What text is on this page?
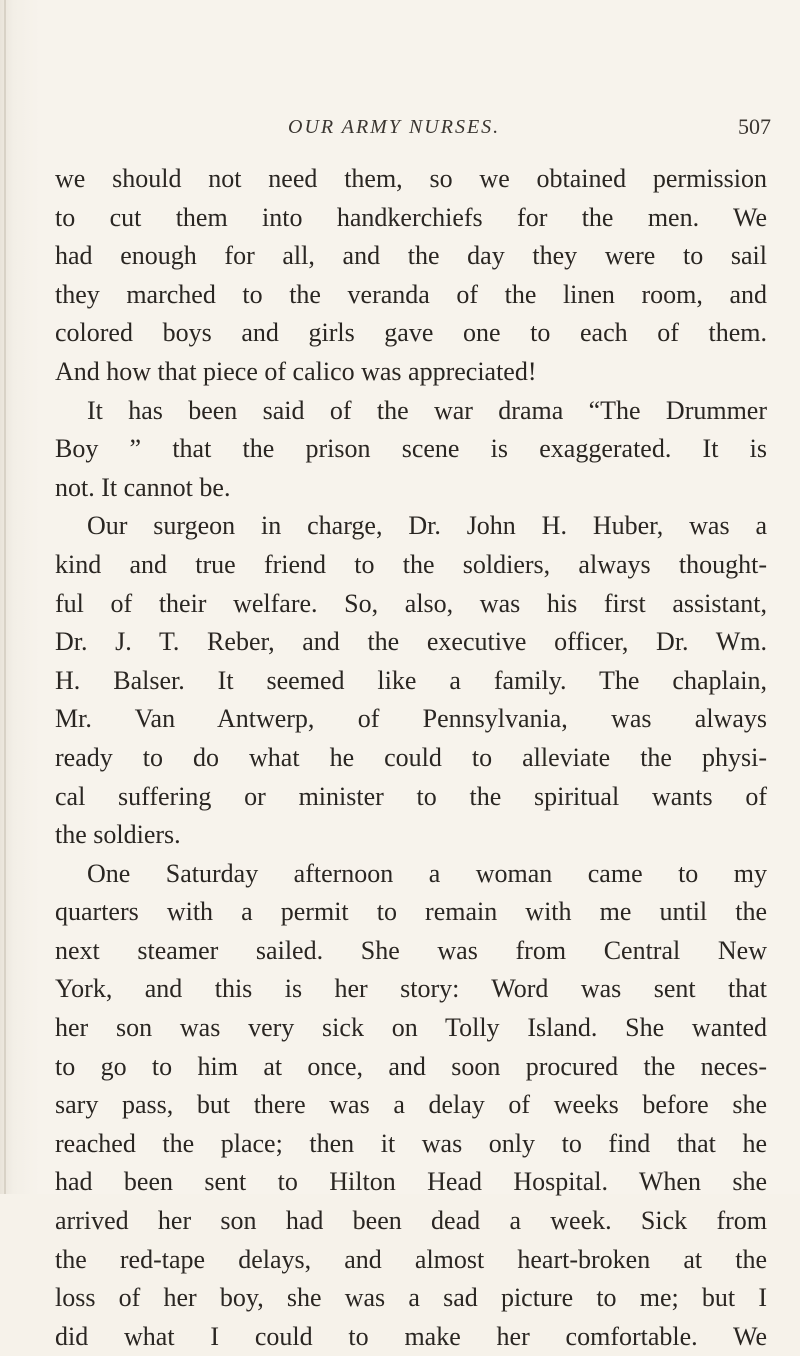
OUR ARMY NURSES.	507
we should not need them, so we obtained permission
to cut them into handkerchiefs for the men. We
had enough for all, and the day they were to sail
they marched to the veranda of the linen room, and
colored boys and girls gave one to each of them.
And how that piece of calico was appreciated!
It has been said of the war drama “The Drummer
Boy ” that the prison scene is exaggerated. It is
not. It cannot be.
Our surgeon in charge, Dr. John H. Huber, was a
kind and true friend to the soldiers, always thought-
ful of their welfare. So, also, was his first assistant,
Dr. J. T. Reber, and the executive officer, Dr. Wm.
H. Balser. It seemed like a family. The chaplain,
Mr. Van Antwerp, of Pennsylvania, was always
ready to do what he could to alleviate the physi-
cal suffering or minister to the spiritual wants of
the soldiers.
One Saturday afternoon a woman came to my
quarters with a permit to remain with me until the
next steamer sailed. She was from Central New
York, and this is her story: Word was sent that
her son was very sick on Tolly Island. She wanted
to go to him at once, and soon procured the neces-
sary pass, but there was a delay of weeks before she
reached the place; then it was only to find that he
had been sent to Hilton Head Hospital. When she
arrived her son had been dead a week. Sick from
the red-tape delays, and almost heart-broken at the
loss of her boy, she was a sad picture to me; but I
did what I could to make her comfortable. We
